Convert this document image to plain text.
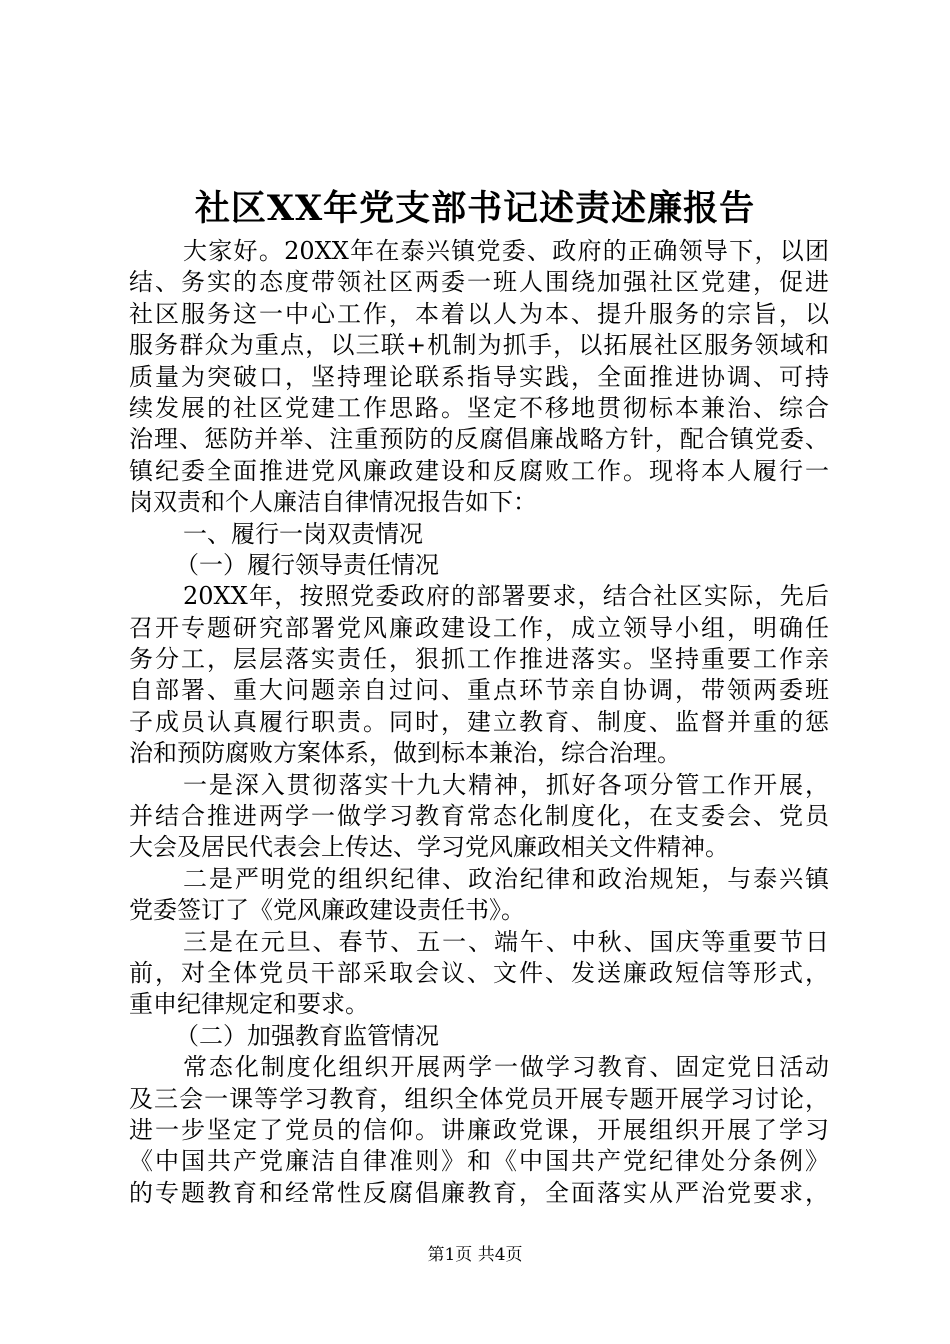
社区XX年党支部书记述责述廉报告
大家好。20XX年在泰兴镇党委、政府的正确领导下，以团
结、务实的态度带领社区两委一班人围绕加强社区党建，促进
社区服务这一中心工作，本着以人为本、提升服务的宗旨，以
服务群众为重点，以三联+机制为抓手，以拓展社区服务领域和
质量为突破口，坚持理论联系指导实践，全面推进协调、可持
续发展的社区党建工作思路。坚定不移地贯彻标本兼治、综合
治理、惩防并举、注重预防的反腐倡廉战略方针，配合镇党委、
镇纪委全面推进党风廉政建设和反腐败工作。现将本人履行一
岗双责和个人廉洁自律情况报告如下：
一、履行一岗双责情况
（一）履行领导责任情况
20XX年，按照党委政府的部署要求，结合社区实际，先后
召开专题研究部署党风廉政建设工作，成立领导小组，明确任
务分工，层层落实责任，狠抓工作推进落实。坚持重要工作亲
自部署、重大问题亲自过问、重点环节亲自协调，带领两委班
子成员认真履行职责。同时，建立教育、制度、监督并重的惩
治和预防腐败方案体系，做到标本兼治，综合治理。
一是深入贯彻落实十九大精神，抓好各项分管工作开展，
并结合推进两学一做学习教育常态化制度化，在支委会、党员
大会及居民代表会上传达、学习党风廉政相关文件精神。
二是严明党的组织纪律、政治纪律和政治规矩，与泰兴镇
党委签订了《党风廉政建设责任书》。
三是在元旦、春节、五一、端午、中秋、国庆等重要节日
前，对全体党员干部采取会议、文件、发送廉政短信等形式，
重申纪律规定和要求。
（二）加强教育监管情况
常态化制度化组织开展两学一做学习教育、固定党日活动
及三会一课等学习教育，组织全体党员开展专题开展学习讨论，
进一步坚定了党员的信仰。讲廉政党课，开展组织开展了学习
《中国共产党廉洁自律准则》和《中国共产党纪律处分条例》
的专题教育和经常性反腐倡廉教育，全面落实从严治党要求，
第1页 共4页
